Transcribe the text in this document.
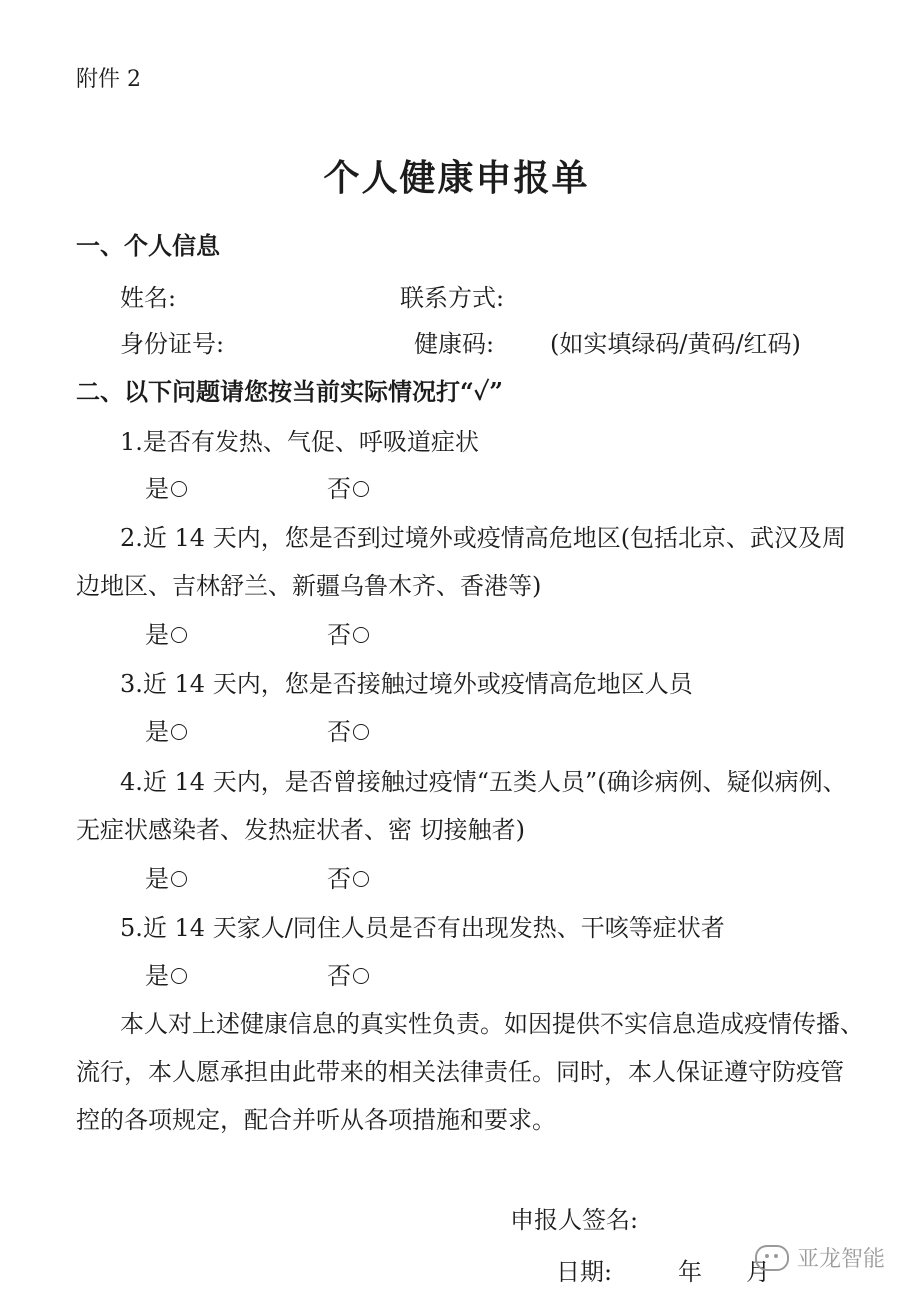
附件 2
个人健康申报单
一、个人信息
姓名:	联系方式:
身份证号:	健康码: (如实填绿码/黄码/红码)
二、以下问题请您按当前实际情况打“✓”
1.是否有发热、气促、呼吸道症状
是	否
2.近 14 天内，您是否到过境外或疫情高危地区(包括北京、武汉及周
边地区、吉林舒兰、新疆乌鲁木齐、香港等)
是	否
3.近 14 天内，您是否接触过境外或疫情高危地区人员
是	否
4.近 14 天内，是否曾接触过疫情“五类人员”(确诊病例、疑似病例、
无症状感染者、发热症状者、密 切接触者)
是	否
5.近 14 天家人/同住人员是否有出现发热、干咳等症状者
是	否
本人对上述健康信息的真实性负责。如因提供不实信息造成疫情传播、
流行，本人愿承担由此带来的相关法律责任。同时，本人保证遵守防疫管
控的各项规定，配合并听从各项措施和要求。
申报人签名:
日期:	年 月 亚龙智能
